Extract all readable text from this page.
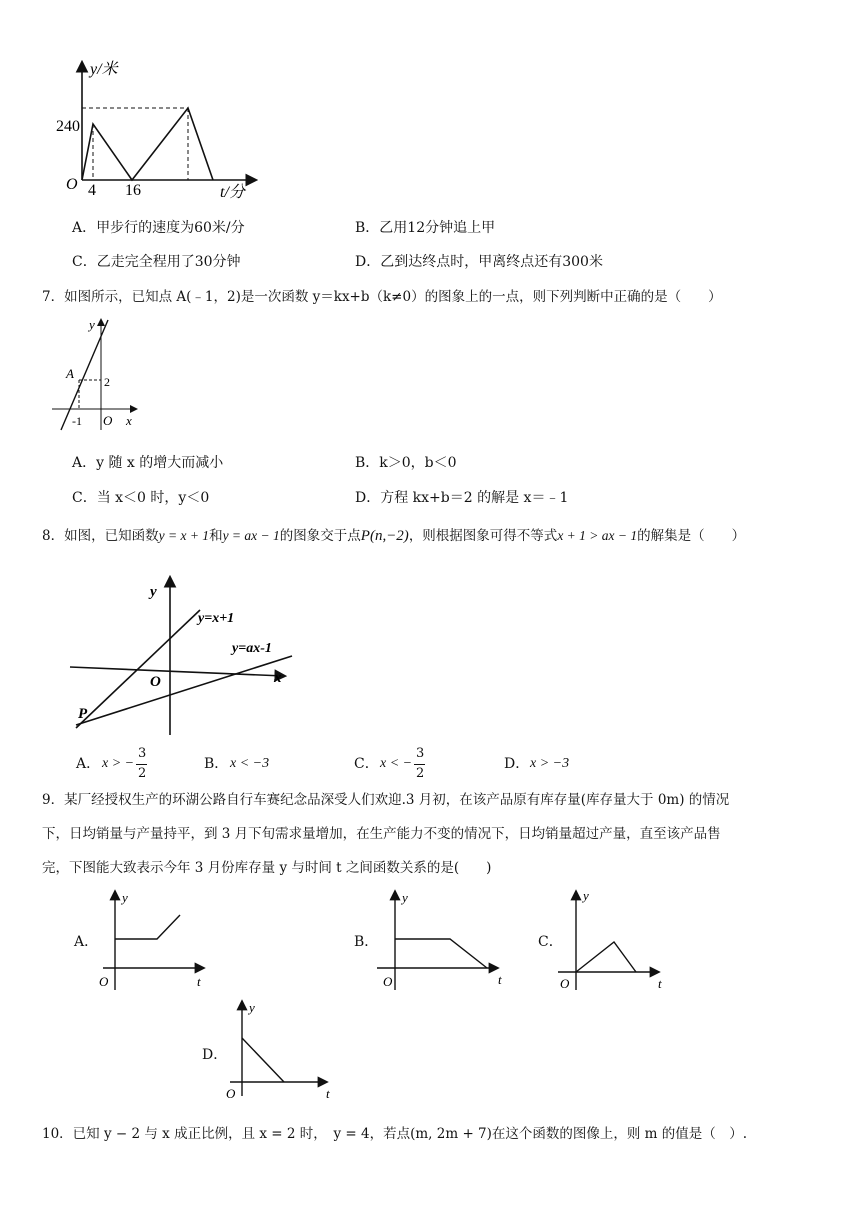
y/米
t/分
O
240
4 16
A．甲步行的速度为60米/分	B．乙用12分钟追上甲
C．乙走完全程用了30分钟	D．乙到达终点时，甲离终点还有300米
7．如图所示，已知点 A(﹣1，2)是一次函数 y＝kx+b（k≠0）的图象上的一点，则下列判断中正确的是（　　）
y
x
O
A
2
-1
A．y 随 x 的增大而减小	B．k＞0，b＜0
C．当 x＜0 时，y＜0	D．方程 kx+b＝2 的解是 x＝﹣1
8．如图，已知函数y = x + 1和y = ax − 1的图象交于点P(n,−2)，则根据图象可得不等式x + 1 > ax − 1的解集是（　　）
y
x
O
y=x+1
y=ax-1
P
A． x > −
3
2
B． x < −3	C． x < −
3
2
D． x > −3
9．某厂经授权生产的环湖公路自行车赛纪念品深受人们欢迎.3 月初，在该产品原有库存量(库存量大于 0m) 的情况
下，日均销量与产量持平，到 3 月下旬需求量增加，在生产能力不变的情况下，日均销量超过产量，直至该产品售
完，下图能大致表示今年 3 月份库存量 y 与时间 t 之间函数关系的是(　　)
A．
y
t
O
B．
y
t
O
C．
y
t
O
D．
y
t
O
10．已知 y − 2 与 x 成正比例，且 x = 2 时，　y = 4，若点(m, 2m + 7)在这个函数的图像上，则 m 的值是（　）.
